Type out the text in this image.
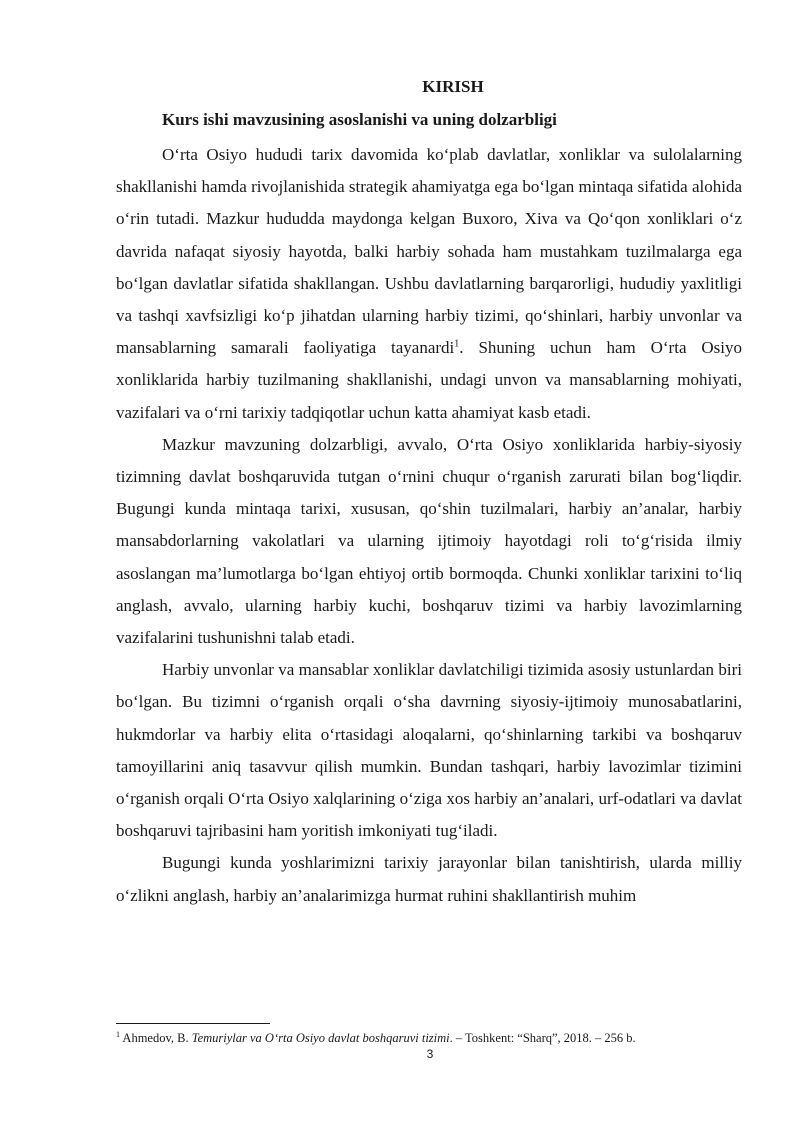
KIRISH
Kurs ishi mavzusining asoslanishi va uning dolzarbligi

O‘rta Osiyo hududi tarix davomida ko‘plab davlatlar, xonliklar va sulolalarning shakllanishi hamda rivojlanishida strategik ahamiyatga ega bo‘lgan mintaqa sifatida alohida o‘rin tutadi. Mazkur hududda maydonga kelgan Buxoro, Xiva va Qo‘qon xonliklari o‘z davrida nafaqat siyosiy hayotda, balki harbiy sohada ham mustahkam tuzilmalarga ega bo‘lgan davlatlar sifatida shakllangan. Ushbu davlatlarning barqarorligi, hududiy yaxlitligi va tashqi xavfsizligi ko‘p jihatdan ularning harbiy tizimi, qo‘shinlari, harbiy unvonlar va mansablarning samarali faoliyatiga tayanardi$^1$. Shuning uchun ham O‘rta Osiyo xonliklarida harbiy tuzilmaning shakllanishi, undagi unvon va mansablarning mohiyati, vazifalari va o‘rni tarixiy tadqiqotlar uchun katta ahamiyat kasb etadi.

Mazkur mavzuning dolzarbligi, avvalo, O‘rta Osiyo xonliklarida harbiy-siyosiy tizimning davlat boshqaruvida tutgan o‘rnini chuqur o‘rganish zarurati bilan bog‘liqdir. Bugungi kunda mintaqa tarixi, xususan, qo‘shin tuzilmalari, harbiy an’analar, harbiy mansabdorlarning vakolatlari va ularning ijtimoiy hayotdagi roli to‘g‘risida ilmiy asoslangan ma’lumotlarga bo‘lgan ehtiyoj ortib bormoqda. Chunki xonliklar tarixini to‘liq anglash, avvalo, ularning harbiy kuchi, boshqaruv tizimi va harbiy lavozimlarning vazifalarini tushunishni talab etadi.

Harbiy unvonlar va mansablar xonliklar davlatchiligi tizimida asosiy ustunlardan biri bo‘lgan. Bu tizimni o‘rganish orqali o‘sha davrning siyosiy-ijtimoiy munosabatlarini, hukmdorlar va harbiy elita o‘rtasidagi aloqalarni, qo‘shinlarning tarkibi va boshqaruv tamoyillarini aniq tasavvur qilish mumkin. Bundan tashqari, harbiy lavozimlar tizimini o‘rganish orqali O‘rta Osiyo xalqlarining o‘ziga xos harbiy an’analari, urf-odatlari va davlat boshqaruvi tajribasini ham yoritish imkoniyati tug‘iladi.

Bugungi kunda yoshlarimizni tarixiy jarayonlar bilan tanishtirish, ularda milliy o‘zlikni anglash, harbiy an’analarimizga hurmat ruhini shakllantirish muhim

$^1$ Ahmedov, B. Temuriylar va O‘rta Osiyo davlat boshqaruvi tizimi. – Toshkent: “Sharq”, 2018. – 256 b.
3
